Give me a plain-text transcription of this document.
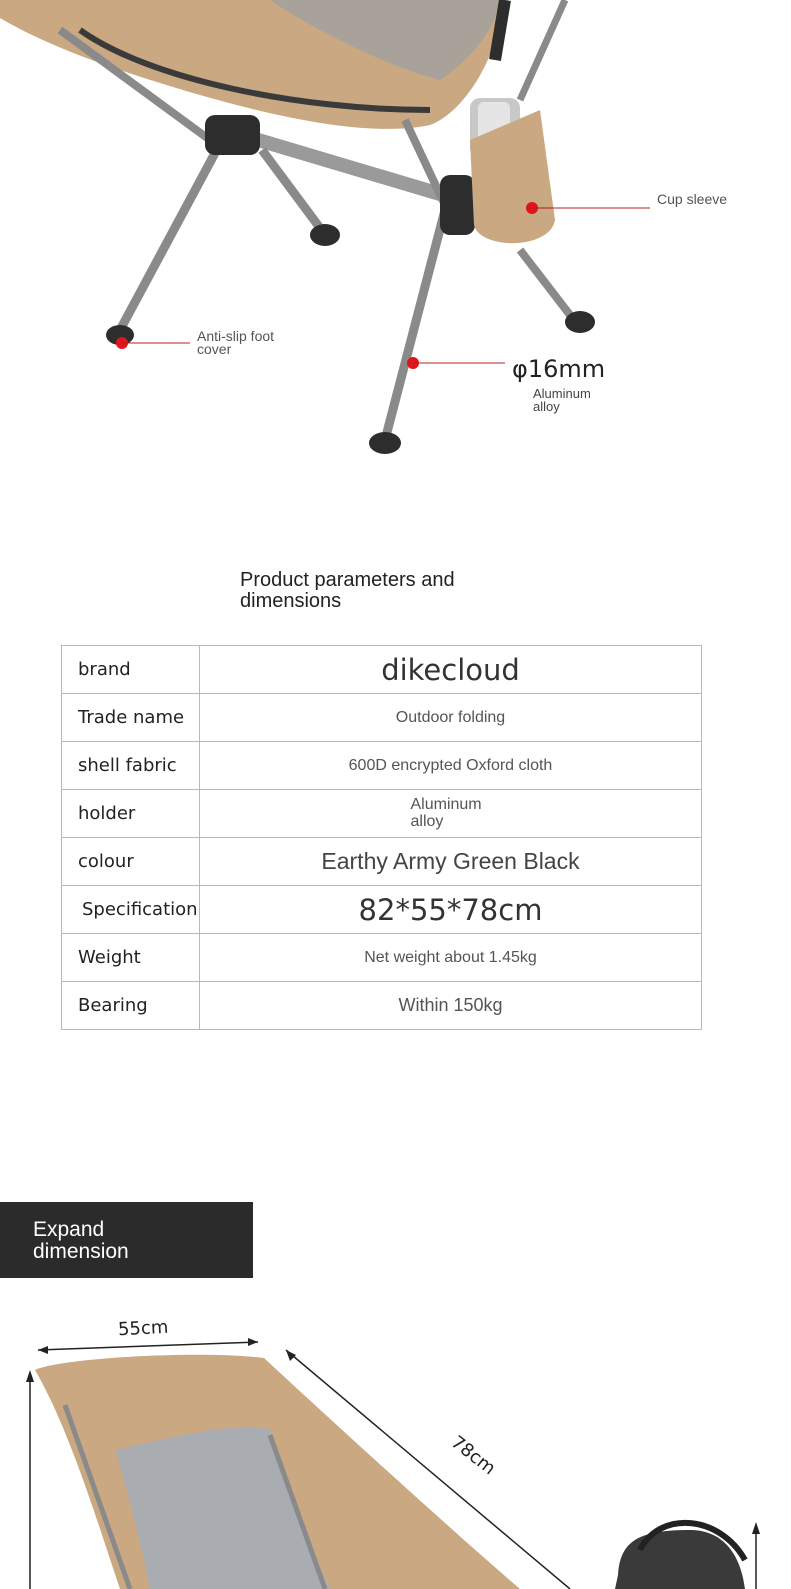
Cup sleeve
Anti-slip foot cover
φ16mm
Aluminum alloy
Product parameters and dimensions
brand	dikecloud
Trade name	Outdoor folding
shell fabric	600D encrypted Oxford cloth
holder	Aluminum alloy
colour	Earthy Army Green Black
Specification	82*55*78cm
Weight	Net weight about 1.45kg
Bearing	Within 150kg
Expand dimension
55cm
78cm
